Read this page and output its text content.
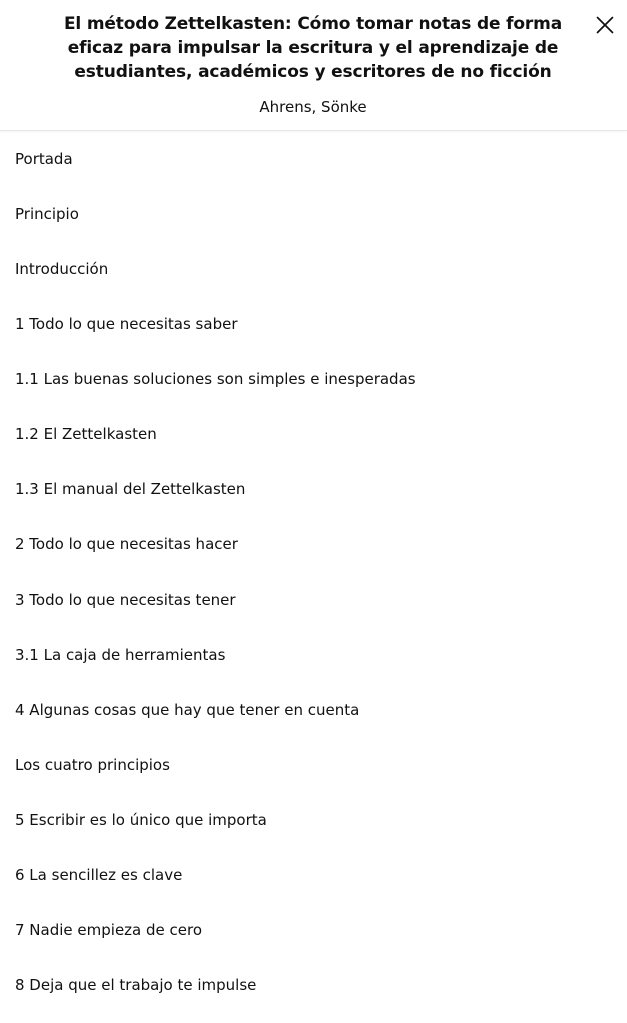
El método Zettelkasten: Cómo tomar notas de forma eficaz para impulsar la escritura y el aprendizaje de estudiantes, académicos y escritores de no ficción
Ahrens, Sönke
Portada
Principio
Introducción
1 Todo lo que necesitas saber
1.1 Las buenas soluciones son simples e inesperadas
1.2 El Zettelkasten
1.3 El manual del Zettelkasten
2 Todo lo que necesitas hacer
3 Todo lo que necesitas tener
3.1 La caja de herramientas
4 Algunas cosas que hay que tener en cuenta
Los cuatro principios
5 Escribir es lo único que importa
6 La sencillez es clave
7 Nadie empieza de cero
8 Deja que el trabajo te impulse
